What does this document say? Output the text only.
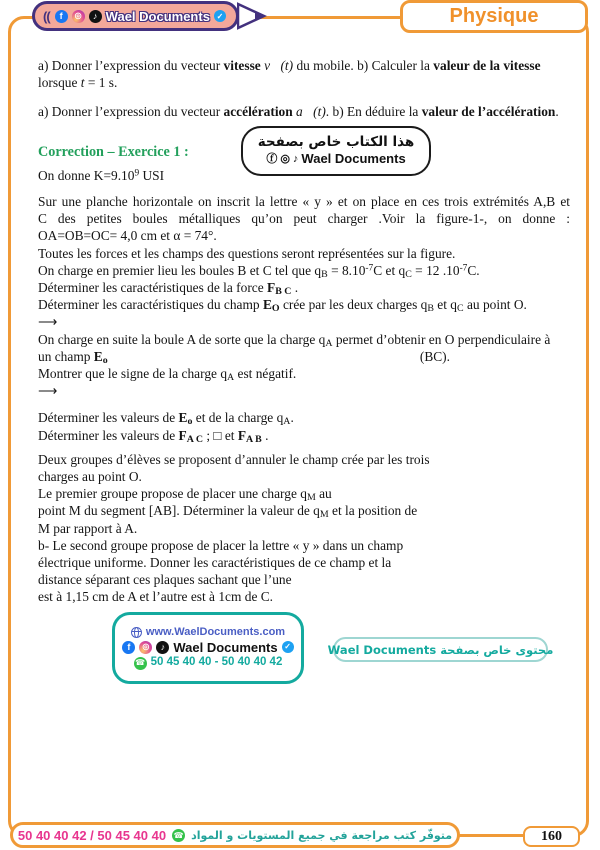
((	f	◎	♪ Wael Documents ✓	Physique
هذا الكتاب خاص بصفحة
ⓕ ◎ ♪ Wael Documents
a) Donner l’expression du vecteur vitesse v⃗(t) du mobile. b) Calculer la valeur de la vitesse
lorsque t = 1 s.
a) Donner l’expression du vecteur accélération a⃗(t). b) En déduire la valeur de l’accélération.
Correction – Exercice 1 :
On donne $K=9.10^9$ USI
Sur une planche horizontale on inscrit la lettre « y » et on place en ces trois extrémités A,B et
C des petites boules métalliques qu’on peut charger .Voir la figure-1-, on donne :
OA=OB=OC= 4,0 cm et α = 74°.
Toutes les forces et les champs des questions seront représentées sur la figure.
On charge en premier lieu les boules B et C tel que $q_B = 8.10^{-7}C$ et $q_C = 12$ $.10^{-7}C$.
Déterminer les caractéristiques de la force $F_{B C}$ .
Déterminer les caractéristiques du champ $E_O$ crée par les deux charges $q_B$ et $q_C$ au point O.
⟶
On charge en suite la boule A de sorte que la charge $q_A$ permet d’obtenir en O perpendiculaire à
un champ $E_o$	(BC).
Montrer que le signe de la charge $q_A$ est négatif.
⟶
Déterminer les valeurs de $E_o$ et de la charge $q_A$.
Déterminer les valeurs de $F_{A C}$ ; □ et $F_{A B}$ .
Deux groupes d’élèves se proposent d’annuler le champ crée par les trois
charges au point O.
Le premier groupe propose de placer une charge $q_M$ au
point M du segment [AB]. Déterminer la valeur de $q_M$ et la position de
M par rapport à A.
b- Le second groupe propose de placer la lettre « y » dans un champ
électrique uniforme. Donner les caractéristiques de ce champ et la
distance séparant ces plaques sachant que l’une
est à 1,15 cm de A et l’autre est à 1cm de C.
www.WaelDocuments.com
f	◎	♪ Wael Documents ✓
☎ 50 45 40 40 - 50 40 40 42
محتوى خاص بصفحة Wael Documents
50 40 40 42 / 50 45 40 40 ☎ متوفّر كتب مراجعة في جميع المستويات و المواد	160
